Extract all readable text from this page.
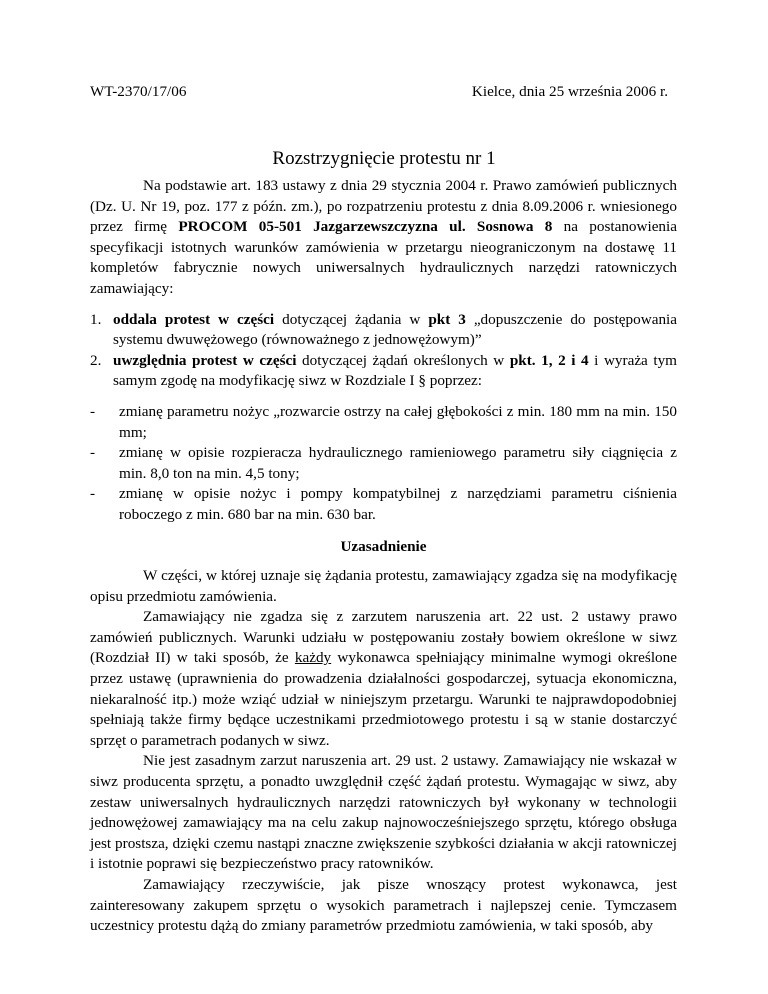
WT-2370/17/06	Kielce, dnia 25 września 2006 r.
Rozstrzygnięcie protestu nr 1

Na podstawie art. 183 ustawy z dnia 29 stycznia 2004 r. Prawo zamówień publicznych (Dz. U. Nr 19, poz. 177 z późn. zm.), po rozpatrzeniu protestu z dnia 8.09.2006 r. wniesionego przez firmę PROCOM 05-501 Jazgarzewszczyzna ul. Sosnowa 8 na postanowienia specyfikacji istotnych warunków zamówienia w przetargu nieograniczonym na dostawę 11 kompletów fabrycznie nowych uniwersalnych hydraulicznych narzędzi ratowniczych zamawiający:

1. oddala protest w części dotyczącej żądania w pkt 3 „dopuszczenie do postępowania systemu dwuwężowego (równoważnego z jednowężowym)”
2. uwzględnia protest w części dotyczącej żądań określonych w pkt. 1, 2 i 4 i wyraża tym samym zgodę na modyfikację siwz w Rozdziale I § poprzez:
- zmianę parametru nożyc „rozwarcie ostrzy na całej głębokości z min. 180 mm na min. 150 mm;
- zmianę w opisie rozpieracza hydraulicznego ramieniowego parametru siły ciągnięcia z min. 8,0 ton na min. 4,5 tony;
- zmianę w opisie nożyc i pompy kompatybilnej z narzędziami parametru ciśnienia roboczego z min. 680 bar na min. 630 bar.
Uzasadnienie

W części, w której uznaje się żądania protestu, zamawiający zgadza się na modyfikację opisu przedmiotu zamówienia.

Zamawiający nie zgadza się z zarzutem naruszenia art. 22 ust. 2 ustawy prawo zamówień publicznych. Warunki udziału w postępowaniu zostały bowiem określone w siwz (Rozdział II) w taki sposób, że każdy wykonawca spełniający minimalne wymogi określone przez ustawę (uprawnienia do prowadzenia działalności gospodarczej, sytuacja ekonomiczna, niekaralność itp.) może wziąć udział w niniejszym przetargu. Warunki te najprawdopodobniej spełniają także firmy będące uczestnikami przedmiotowego protestu i są w stanie dostarczyć sprzęt o parametrach podanych w siwz.

Nie jest zasadnym zarzut naruszenia art. 29 ust. 2 ustawy. Zamawiający nie wskazał w siwz producenta sprzętu, a ponadto uwzględnił część żądań protestu. Wymagając w siwz, aby zestaw uniwersalnych hydraulicznych narzędzi ratowniczych był wykonany w technologii jednowężowej zamawiający ma na celu zakup najnowocześniejszego sprzętu, którego obsługa jest prostsza, dzięki czemu nastąpi znaczne zwiększenie szybkości działania w akcji ratowniczej i istotnie poprawi się bezpieczeństwo pracy ratowników.

Zamawiający rzeczywiście, jak pisze wnoszący protest wykonawca, jest zainteresowany zakupem sprzętu o wysokich parametrach i najlepszej cenie. Tymczasem uczestnicy protestu dążą do zmiany parametrów przedmiotu zamówienia, w taki sposób, aby
